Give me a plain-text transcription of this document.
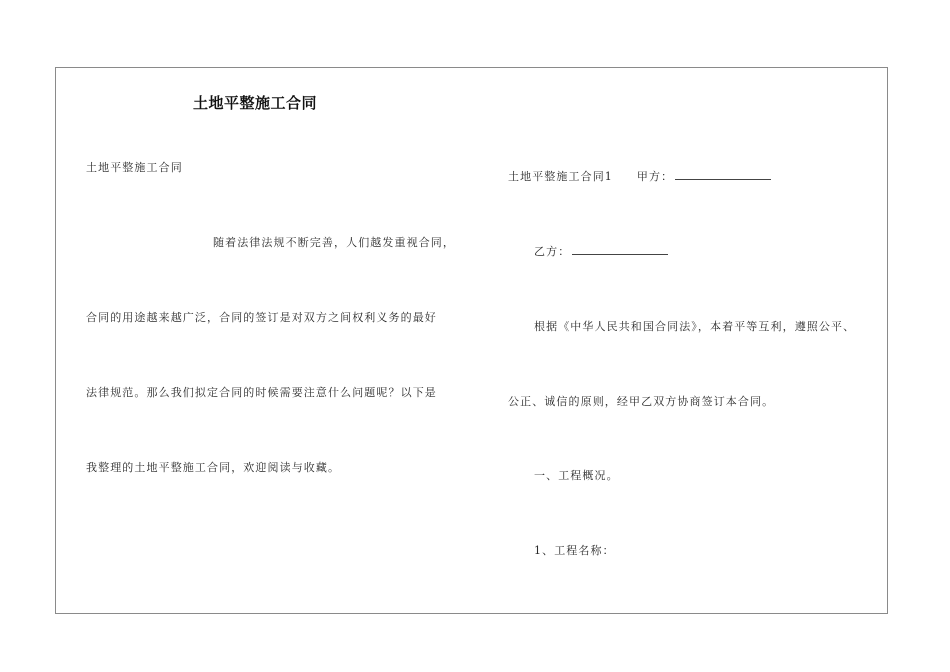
土地平整施工合同
土地平整施工合同
随着法律法规不断完善，人们越发重视合同，
合同的用途越来越广泛，合同的签订是对双方之间权利义务的最好
法律规范。那么我们拟定合同的时候需要注意什么问题呢？以下是
我整理的土地平整施工合同，欢迎阅读与收藏。
土地平整施工合同1 甲方：
乙方：
根据《中华人民共和国合同法》，本着平等互利，遵照公平、
公正、诚信的原则，经甲乙双方协商签订本合同。
一、工程概况。
1、工程名称：
